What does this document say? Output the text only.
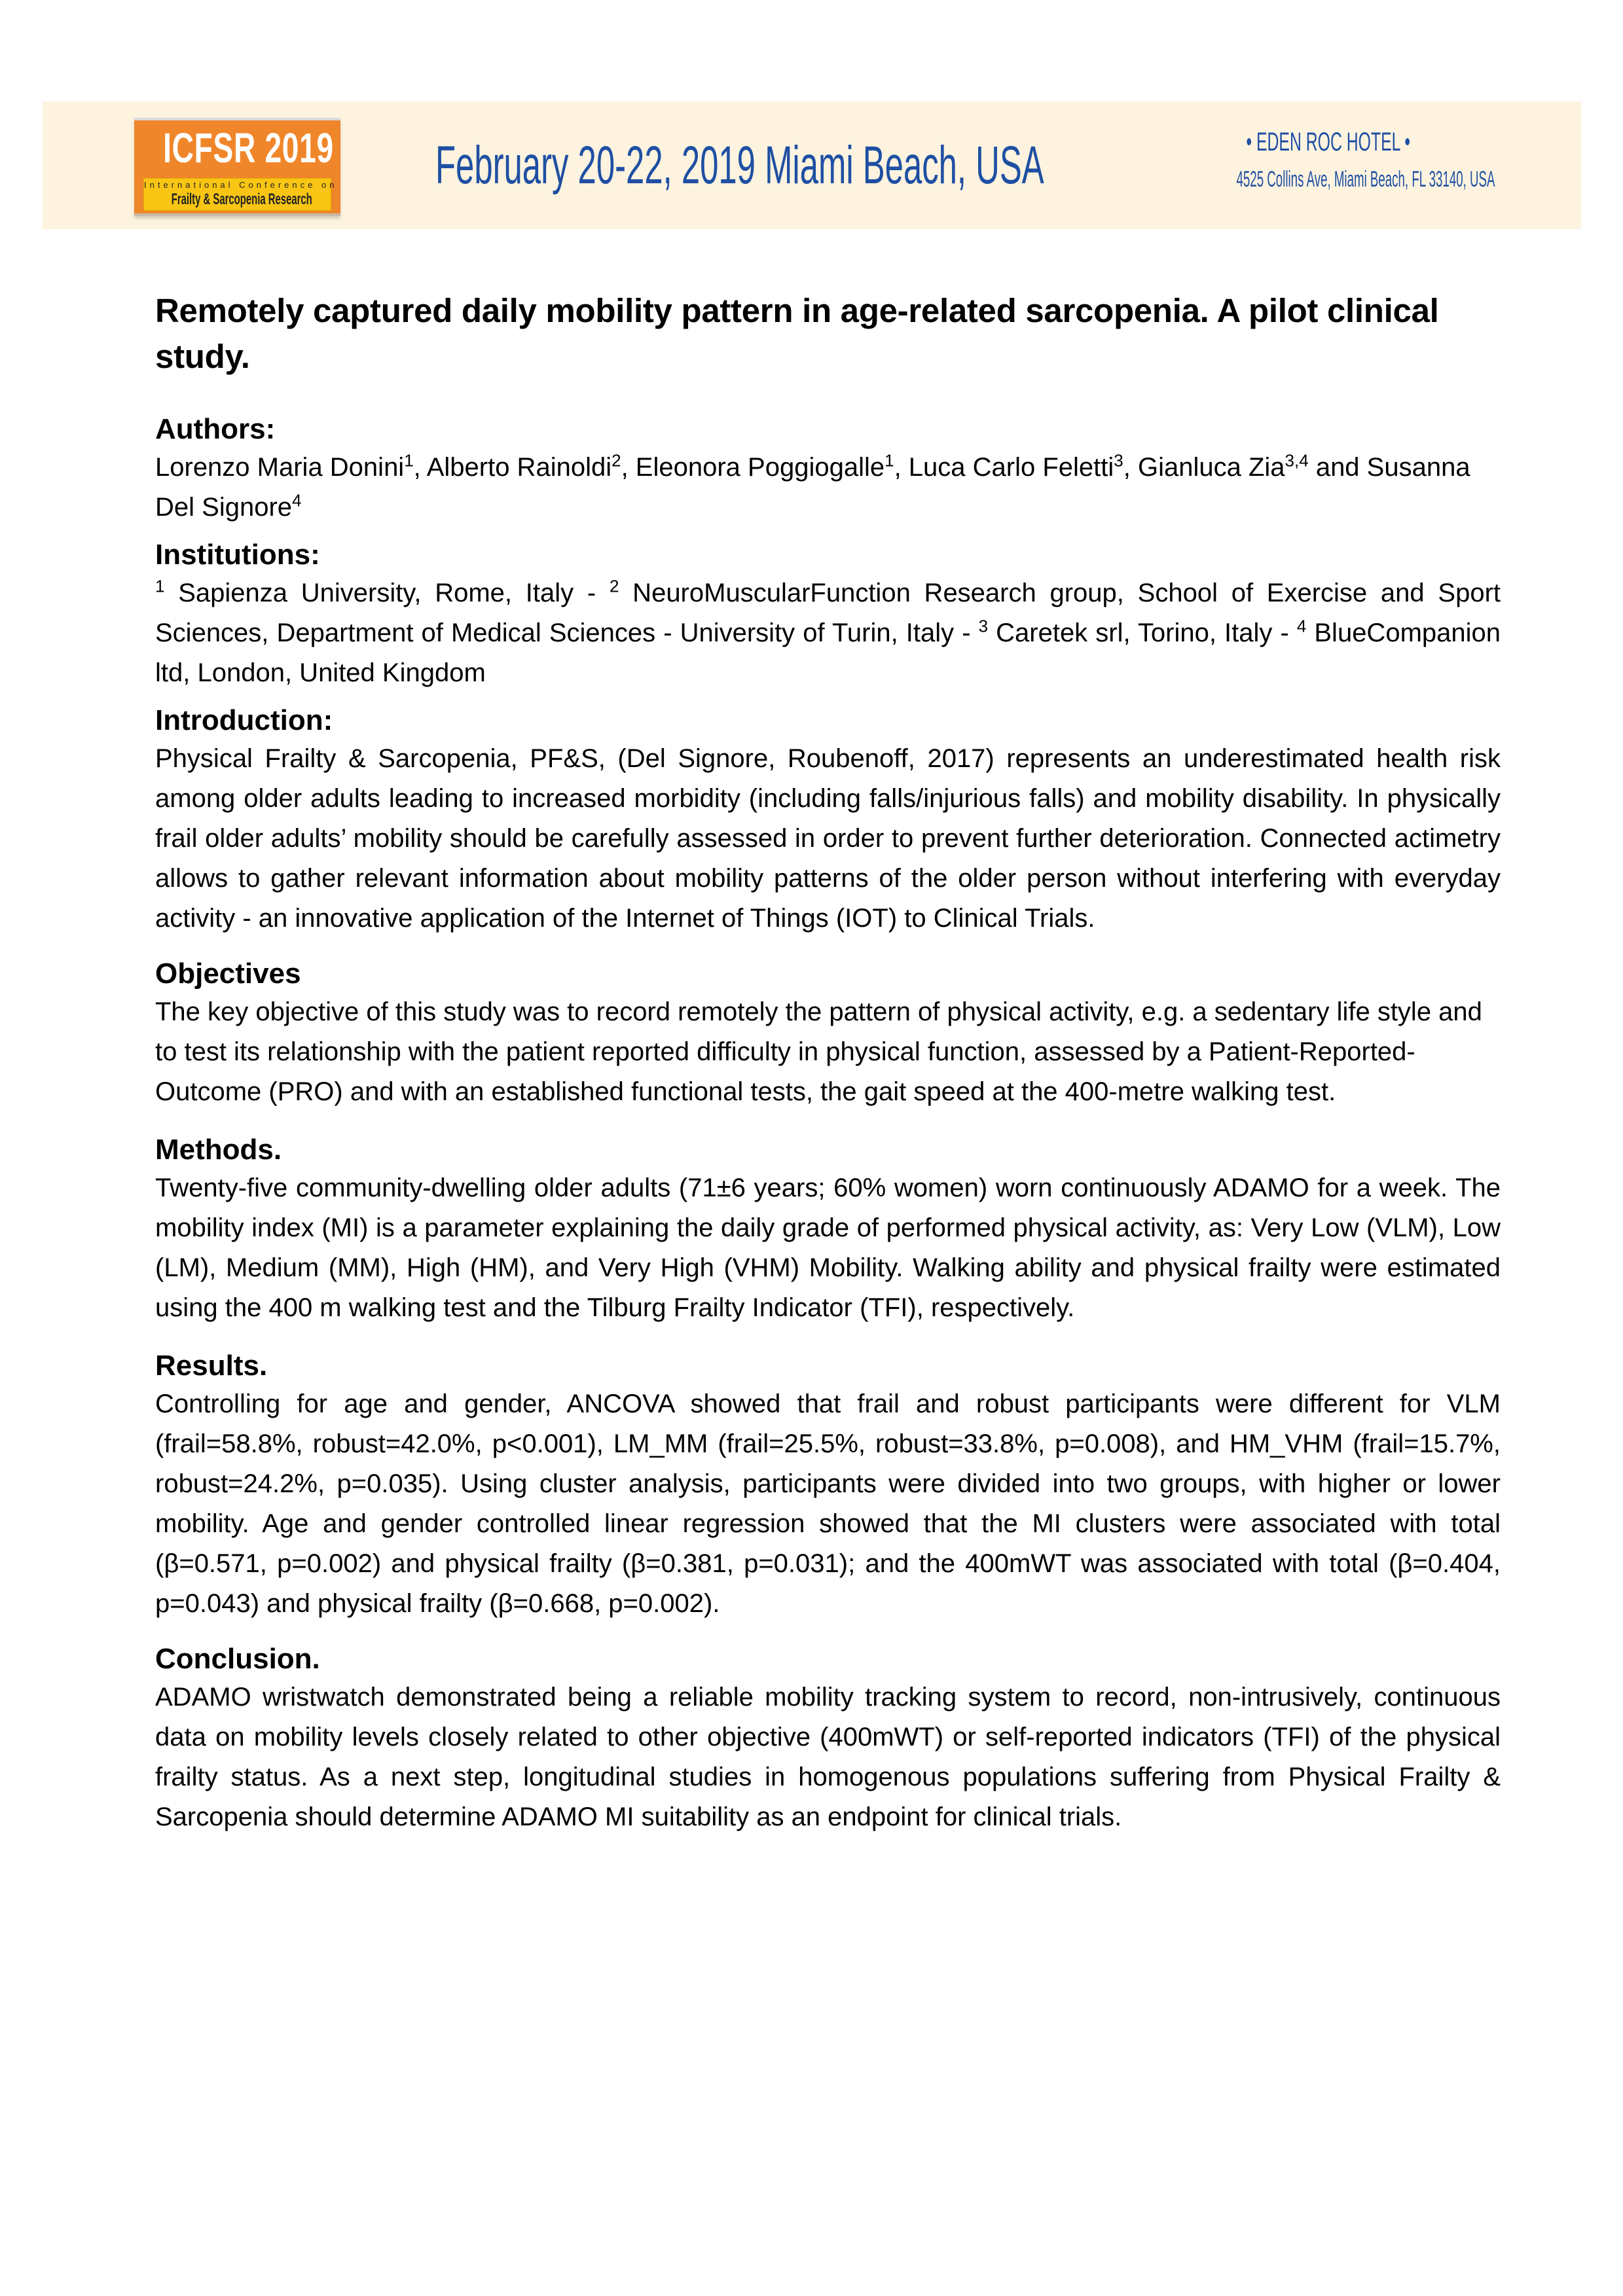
ICFSR 2019
International Conference on
Frailty & Sarcopenia Research
February 20-22, 2019 Miami Beach, USA	• EDEN ROC HOTEL •
4525 Collins Ave, Miami Beach, FL 33140, USA
Remotely captured daily mobility pattern in age-related sarcopenia. A pilot clinical study.
Authors:

Lorenzo Maria Donini$^1$, Alberto Rainoldi$^2$, Eleonora Poggiogalle$^1$, Luca Carlo Feletti$^3$, Gianluca Zia$^{3,4}$ and Susanna Del Signore$^4$

Institutions:

$^1$ Sapienza University, Rome, Italy - $^2$ NeuroMuscularFunction Research group, School of Exercise and Sport Sciences, Department of Medical Sciences - University of Turin, Italy - $^3$ Caretek srl, Torino, Italy - $^4$ BlueCompanion ltd, London, United Kingdom

Introduction:

Physical Frailty & Sarcopenia, PF&S, (Del Signore, Roubenoff, 2017) represents an underestimated health risk among older adults leading to increased morbidity (including falls/injurious falls) and mobility disability. In physically frail older adults’ mobility should be carefully assessed in order to prevent further deterioration. Connected actimetry allows to gather relevant information about mobility patterns of the older person without interfering with everyday activity - an innovative application of the Internet of Things (IOT) to Clinical Trials.

Objectives

The key objective of this study was to record remotely the pattern of physical activity, e.g. a sedentary life style and to test its relationship with the patient reported difficulty in physical function, assessed by a Patient-Reported-Outcome (PRO) and with an established functional tests, the gait speed at the 400-metre walking test.

Methods.

Twenty-five community-dwelling older adults (71±6 years; 60% women) worn continuously ADAMO for a week. The mobility index (MI) is a parameter explaining the daily grade of performed physical activity, as: Very Low (VLM), Low (LM), Medium (MM), High (HM), and Very High (VHM) Mobility. Walking ability and physical frailty were estimated using the 400 m walking test and the Tilburg Frailty Indicator (TFI), respectively.

Results.

Controlling for age and gender, ANCOVA showed that frail and robust participants were different for VLM (frail=58.8%, robust=42.0%, p<0.001), LM_MM (frail=25.5%, robust=33.8%, p=0.008), and HM_VHM (frail=15.7%, robust=24.2%, p=0.035). Using cluster analysis, participants were divided into two groups, with higher or lower mobility. Age and gender controlled linear regression showed that the MI clusters were associated with total (β=0.571, p=0.002) and physical frailty (β=0.381, p=0.031); and the 400mWT was associated with total (β=0.404, p=0.043) and physical frailty (β=0.668, p=0.002).

Conclusion.

ADAMO wristwatch demonstrated being a reliable mobility tracking system to record, non-intrusively, continuous data on mobility levels closely related to other objective (400mWT) or self-reported indicators (TFI) of the physical frailty status. As a next step, longitudinal studies in homogenous populations suffering from Physical Frailty & Sarcopenia should determine ADAMO MI suitability as an endpoint for clinical trials.
